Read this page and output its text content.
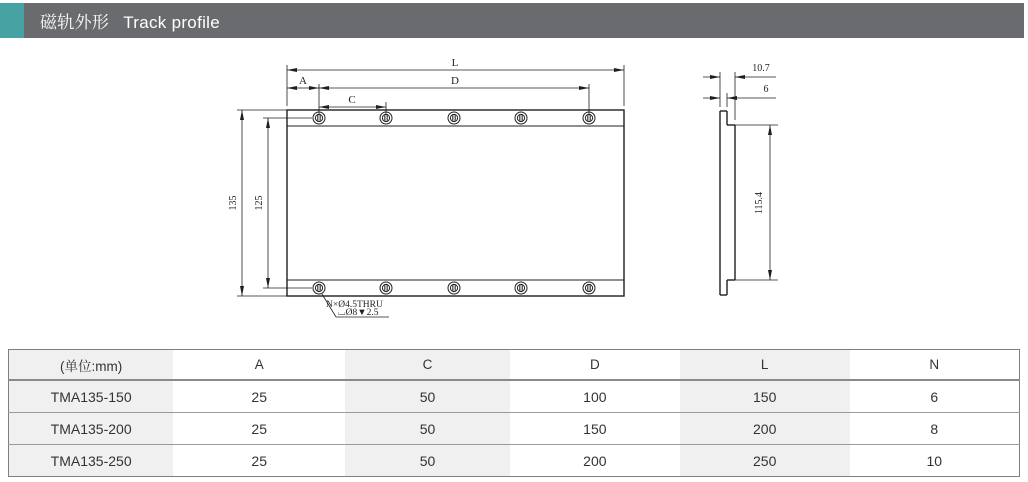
磁轨外形 Track profile
L
A	D
C
135 125
N×Ø4.5THRU
⌴Ø8▼2.5
10.7
6
115.4
(单位:mm)	A	C	D	L	N
TMA135-150	25	50	100	150	6
TMA135-200	25	50	150	200	8
TMA135-250	25	50	200	250	10
